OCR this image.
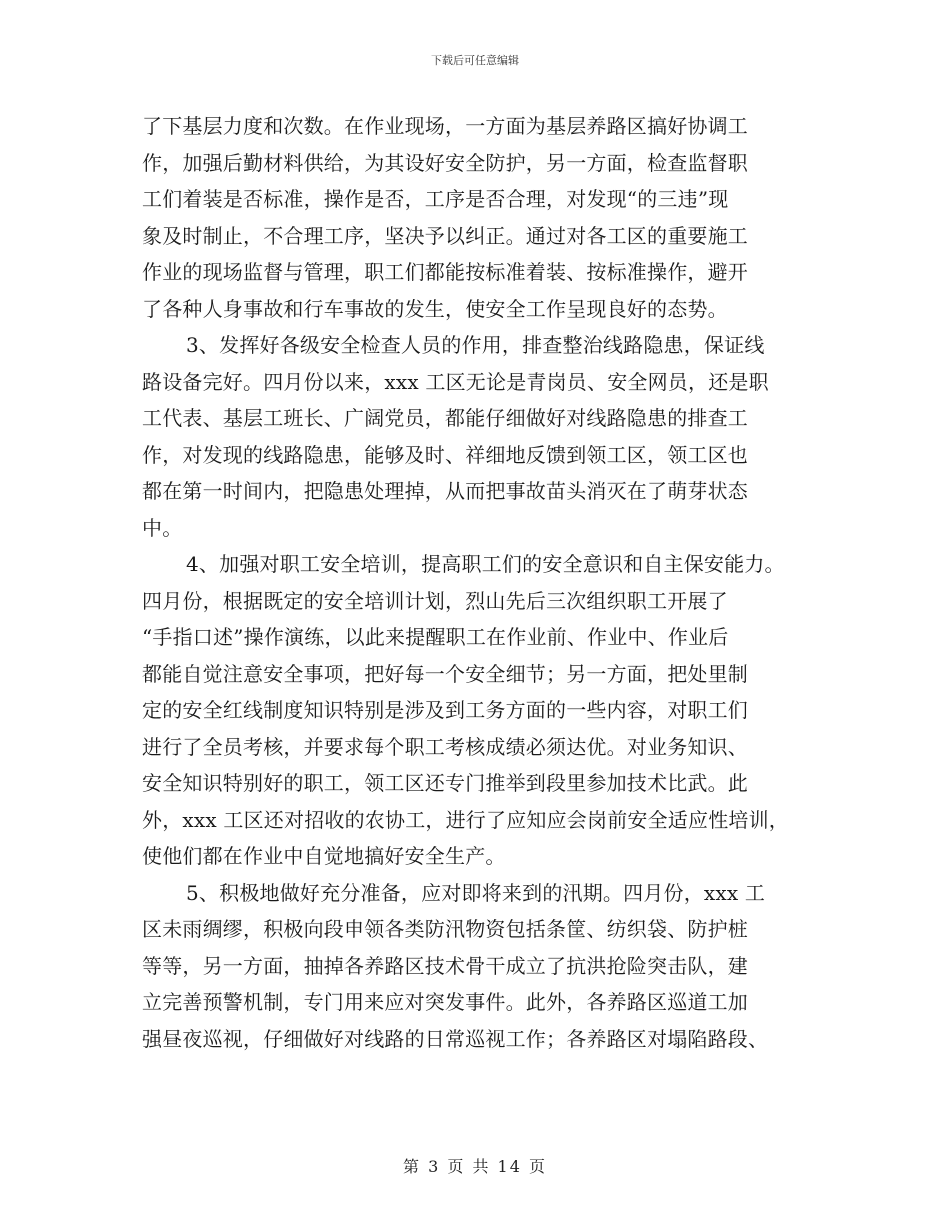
下载后可任意编辑
了下基层力度和次数。在作业现场，一方面为基层养路区搞好协调工
作，加强后勤材料供给，为其设好安全防护，另一方面，检查监督职
工们着装是否标准，操作是否，工序是否合理，对发现“的三违”现
象及时制止，不合理工序，坚决予以纠正。通过对各工区的重要施工
作业的现场监督与管理，职工们都能按标准着装、按标准操作，避开
了各种人身事故和行车事故的发生，使安全工作呈现良好的态势。
3、发挥好各级安全检查人员的作用，排查整治线路隐患，保证线
路设备完好。四月份以来，xxx 工区无论是青岗员、安全网员，还是职
工代表、基层工班长、广阔党员，都能仔细做好对线路隐患的排查工
作，对发现的线路隐患，能够及时、祥细地反馈到领工区，领工区也
都在第一时间内，把隐患处理掉，从而把事故苗头消灭在了萌芽状态
中。
4、加强对职工安全培训，提高职工们的安全意识和自主保安能力。
四月份，根据既定的安全培训计划，烈山先后三次组织职工开展了
“手指口述”操作演练，以此来提醒职工在作业前、作业中、作业后
都能自觉注意安全事项，把好每一个安全细节；另一方面，把处里制
定的安全红线制度知识特别是涉及到工务方面的一些内容，对职工们
进行了全员考核，并要求每个职工考核成绩必须达优。对业务知识、
安全知识特别好的职工，领工区还专门推举到段里参加技术比武。此
外，xxx 工区还对招收的农协工，进行了应知应会岗前安全适应性培训，
使他们都在作业中自觉地搞好安全生产。
5、积极地做好充分准备，应对即将来到的汛期。四月份，xxx 工
区未雨绸缪，积极向段申领各类防汛物资包括条筐、纺织袋、防护桩
等等，另一方面，抽掉各养路区技术骨干成立了抗洪抢险突击队，建
立完善预警机制，专门用来应对突发事件。此外，各养路区巡道工加
强昼夜巡视，仔细做好对线路的日常巡视工作；各养路区对塌陷路段、
第 3 页 共 14 页
